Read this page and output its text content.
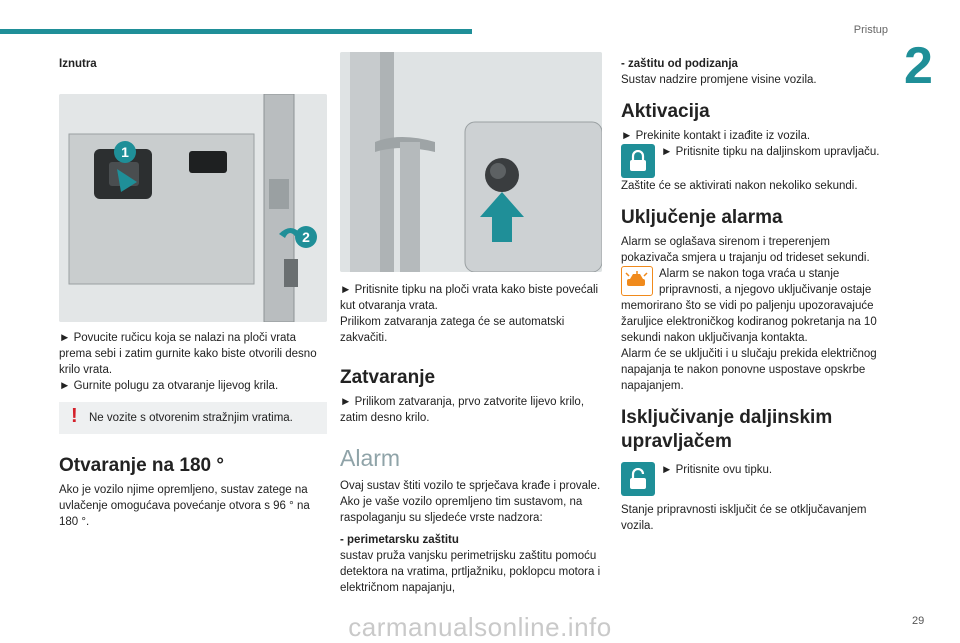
Pristup
2

Iznutra

1
2

► Povucite ručicu koja se nalazi na ploči vrata prema sebi i zatim gurnite kako biste otvorili desno krilo vrata.

► Gurnite polugu za otvaranje lijevog krila.

! Ne vozite s otvorenim stražnjim vratima.
Otvaranje na 180 °

Ako je vozilo njime opremljeno, sustav zatege na uvlačenje omogućava povećanje otvora s 96 ° na 180 °.

► Pritisnite tipku na ploči vrata kako biste povećali kut otvaranja vrata.

Prilikom zatvaranja zatega će se automatski zakvačiti.

Zatvaranje

► Prilikom zatvaranja, prvo zatvorite lijevo krilo, zatim desno krilo.

Alarm

Ovaj sustav štiti vozilo te sprječava krađe i provale. Ako je vaše vozilo opremljeno tim sustavom, na raspolaganju su sljedeće vrste nadzora:

- perimetarsku zaštitu

sustav pruža vanjsku perimetrijsku zaštitu pomoću detektora na vratima, prtljažniku, poklopcu motora i električnom napajanju,

- zaštitu od podizanja

Sustav nadzire promjene visine vozila.

Aktivacija

► Prekinite kontakt i izađite iz vozila.

► Pritisnite tipku na daljinskom upravljaču.

Zaštite će se aktivirati nakon nekoliko sekundi.

Uključenje alarma

Alarm se oglašava sirenom i treperenjem pokazivača smjera u trajanju od trideset sekundi.

Alarm se nakon toga vraća u stanje pripravnosti, a njegovo uključivanje ostaje memorirano što se vidi po paljenju upozoravajuće žaruljice elektroničkog kodiranog pokretanja na 10 sekundi nakon uključivanja kontakta.

Alarm će se uključiti i u slučaju prekida električnog napajanja te nakon ponovne uspostave opskrbe napajanjem.

Isključivanje daljinskim upravljačem

► Pritisnite ovu tipku.

Stanje pripravnosti isključit će se otključavanjem vozila.

carmanualsonline.info	29
